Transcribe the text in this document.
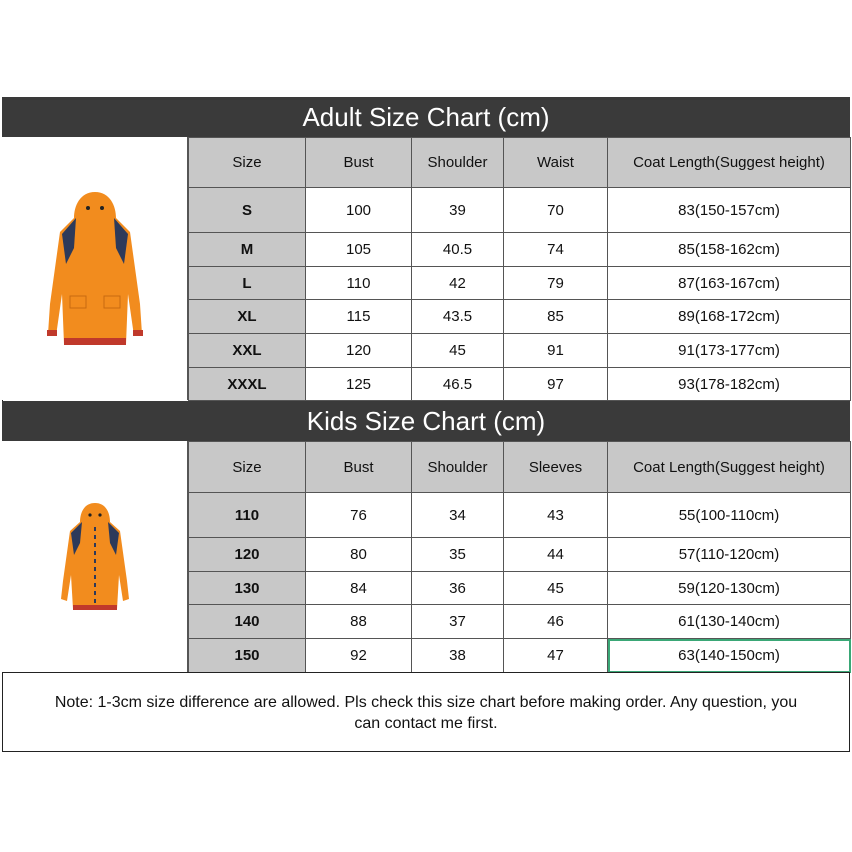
Adult Size Chart (cm)
Size	Bust	Shoulder	Waist	Coat Length(Suggest height)
S	100	39	70	83(150-157cm)
M	105	40.5	74	85(158-162cm)
L	110	42	79	87(163-167cm)
XL	115	43.5	85	89(168-172cm)
XXL	120	45	91	91(173-177cm)
XXXL	125	46.5	97	93(178-182cm)
Kids Size Chart (cm)
Size	Bust	Shoulder	Sleeves	Coat Length(Suggest height)
110	76	34	43	55(100-110cm)
120	80	35	44	57(110-120cm)
130	84	36	45	59(120-130cm)
140	88	37	46	61(130-140cm)
150	92	38	47	63(140-150cm)
Note: 1-3cm size difference are allowed. Pls check this size chart before making order. Any question, you can contact me first.
